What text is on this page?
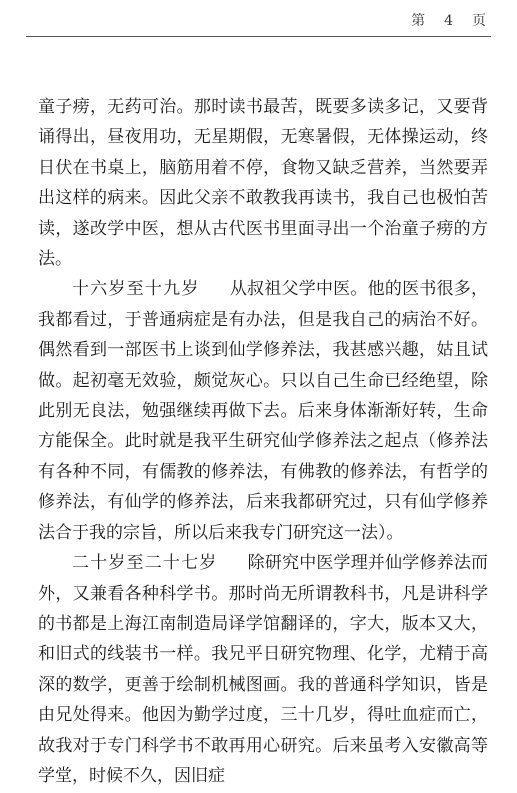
第 4 页

童子痨，无药可治。那时读书最苦，既要多读多记，又要背诵得出，昼夜用功，无星期假，无寒暑假，无体操运动，终日伏在书桌上，脑筋用着不停，食物又缺乏营养，当然要弄出这样的病来。因此父亲不敢教我再读书，我自己也极怕苦读，遂改学中医，想从古代医书里面寻出一个治童子痨的方法。

十六岁至十九岁 从叔祖父学中医。他的医书很多，我都看过，于普通病症是有办法，但是我自己的病治不好。偶然看到一部医书上谈到仙学修养法，我甚感兴趣，姑且试做。起初毫无效验，颇觉灰心。只以自己生命已经绝望，除此别无良法，勉强继续再做下去。后来身体渐渐好转，生命方能保全。此时就是我平生研究仙学修养法之起点（修养法有各种不同，有儒教的修养法，有佛教的修养法，有哲学的修养法，有仙学的修养法，后来我都研究过，只有仙学修养法合于我的宗旨，所以后来我专门研究这一法）。

二十岁至二十七岁 除研究中医学理并仙学修养法而外，又兼看各种科学书。那时尚无所谓教科书，凡是讲科学的书都是上海江南制造局译学馆翻译的，字大，版本又大，和旧式的线装书一样。我兄平日研究物理、化学，尤精于高深的数学，更善于绘制机械图画。我的普通科学知识，皆是由兄处得来。他因为勤学过度，三十几岁，得吐血症而亡，故我对于专门科学书不敢再用心研究。后来虽考入安徽高等学堂，时候不久，因旧症
